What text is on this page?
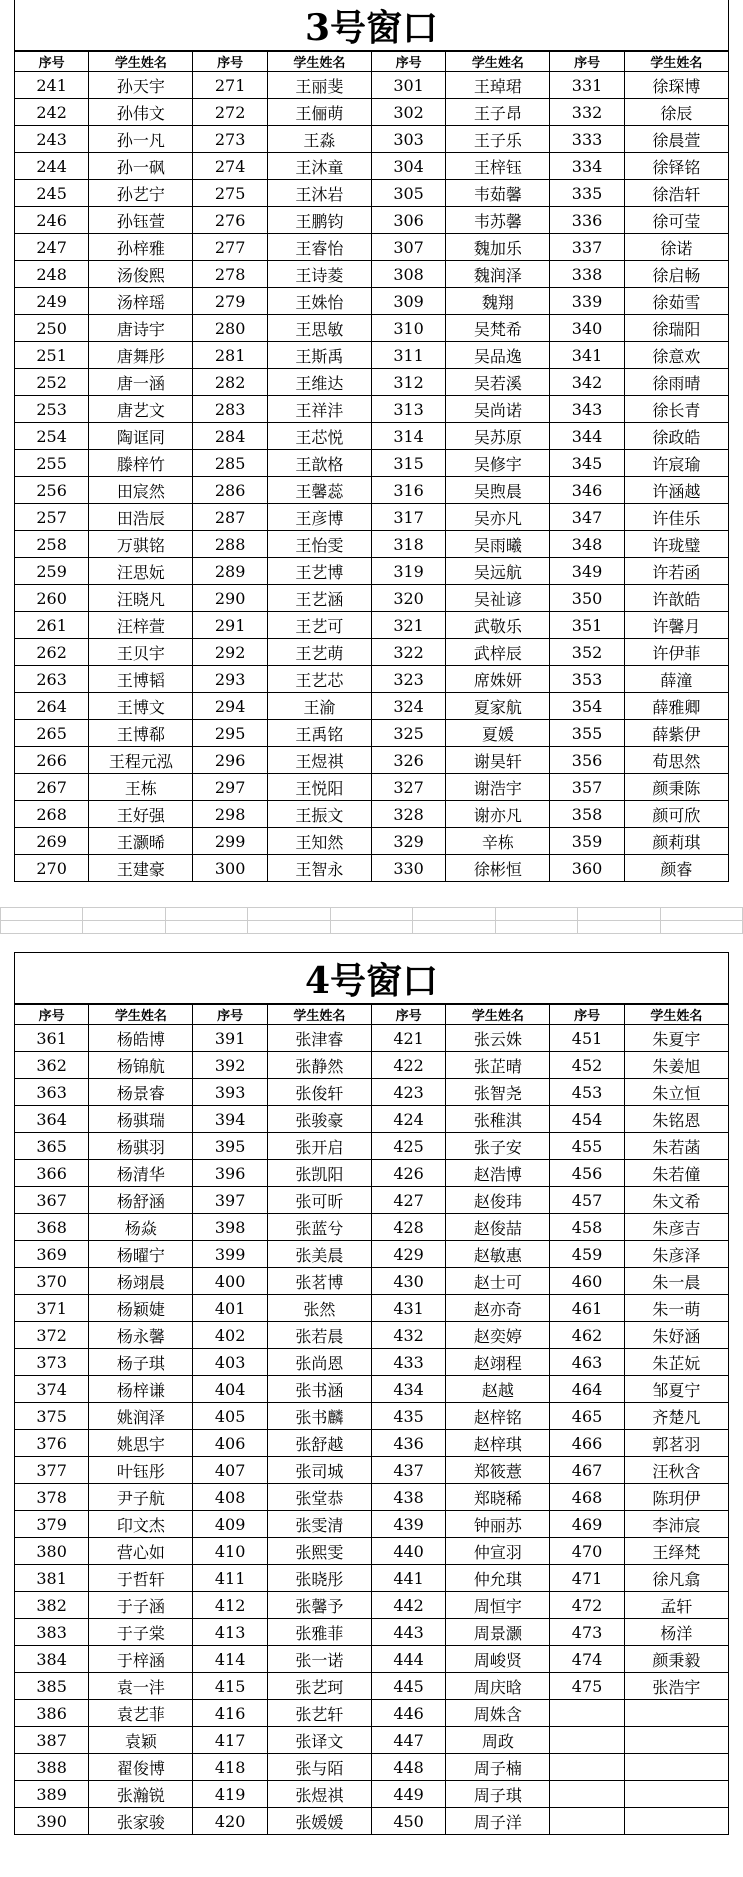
3号窗口
序号	学生姓名	序号	学生姓名	序号	学生姓名	序号	学生姓名
241	孙天宇	271	王丽斐	301	王琸珺	331	徐琛博
242	孙伟文	272	王俪萌	302	王子昂	332	徐辰
243	孙一凡	273	王淼	303	王子乐	333	徐晨萱
244	孙一砜	274	王沐童	304	王梓钰	334	徐铎铭
245	孙艺宁	275	王沐岩	305	韦茹馨	335	徐浩轩
246	孙钰萱	276	王鹏钧	306	韦苏馨	336	徐可莹
247	孙梓雅	277	王睿怡	307	魏加乐	337	徐诺
248	汤俊熙	278	王诗菱	308	魏润泽	338	徐启畅
249	汤梓瑶	279	王姝怡	309	魏翔	339	徐茹雪
250	唐诗宇	280	王思敏	310	吴梵希	340	徐瑞阳
251	唐舞彤	281	王斯禹	311	吴品逸	341	徐意欢
252	唐一涵	282	王维达	312	吴若溪	342	徐雨晴
253	唐艺文	283	王祥沣	313	吴尚诺	343	徐长青
254	陶诓同	284	王芯悦	314	吴苏原	344	徐政皓
255	滕梓竹	285	王歆格	315	吴修宇	345	许宸瑜
256	田宸然	286	王馨蕊	316	吴煦晨	346	许涵越
257	田浩辰	287	王彦博	317	吴亦凡	347	许佳乐
258	万骐铭	288	王怡雯	318	吴雨曦	348	许珑璧
259	汪思妧	289	王艺博	319	吴远航	349	许若函
260	汪晓凡	290	王艺涵	320	吴祉谚	350	许歆皓
261	汪梓萱	291	王艺可	321	武敬乐	351	许馨月
262	王贝宇	292	王艺萌	322	武梓辰	352	许伊菲
263	王博韬	293	王艺芯	323	席姝妍	353	薛潼
264	王博文	294	王渝	324	夏家航	354	薛雅卿
265	王博郗	295	王禹铭	325	夏媛	355	薛紫伊
266	王程元泓	296	王煜祺	326	谢昊轩	356	荀思然
267	王栋	297	王悦阳	327	谢浩宇	357	颜秉陈
268	王好强	298	王振文	328	谢亦凡	358	颜可欣
269	王灏晞	299	王知然	329	辛栋	359	颜莉琪
270	王建豪	300	王智永	330	徐彬恒	360	颜睿

4号窗口
序号	学生姓名	序号	学生姓名	序号	学生姓名	序号	学生姓名
361	杨皓博	391	张津睿	421	张云姝	451	朱夏宇
362	杨锦航	392	张静然	422	张芷晴	452	朱姜旭
363	杨景睿	393	张俊轩	423	张智尧	453	朱立恒
364	杨骐瑞	394	张骏豪	424	张稚淇	454	朱铭恩
365	杨骐羽	395	张开启	425	张子安	455	朱若菡
366	杨清华	396	张凯阳	426	赵浩博	456	朱若僮
367	杨舒涵	397	张可昕	427	赵俊玮	457	朱文希
368	杨焱	398	张蓝兮	428	赵俊喆	458	朱彦吉
369	杨曜宁	399	张美晨	429	赵敏惠	459	朱彦泽
370	杨翊晨	400	张茗博	430	赵士可	460	朱一晨
371	杨颖婕	401	张然	431	赵亦奇	461	朱一萌
372	杨永馨	402	张若晨	432	赵奕婷	462	朱妤涵
373	杨子琪	403	张尚恩	433	赵翊程	463	朱芷妧
374	杨梓谦	404	张书涵	434	赵越	464	邹夏宁
375	姚润泽	405	张书麟	435	赵梓铭	465	齐楚凡
376	姚思宇	406	张舒越	436	赵梓琪	466	郭茗羽
377	叶钰彤	407	张司城	437	郑筱薏	467	汪秋含
378	尹子航	408	张堂恭	438	郑晓稀	468	陈玥伊
379	印文杰	409	张雯清	439	钟丽苏	469	李沛宸
380	营心如	410	张熙雯	440	仲宣羽	470	王绎梵
381	于哲轩	411	张晓彤	441	仲允琪	471	徐凡翕
382	于子涵	412	张馨予	442	周恒宇	472	孟轩
383	于子棠	413	张雅菲	443	周景灏	473	杨洋
384	于梓涵	414	张一诺	444	周峻贤	474	颜秉毅
385	袁一沣	415	张艺珂	445	周庆晗	475	张浩宇
386	袁艺菲	416	张艺轩	446	周姝含		
387	袁颖	417	张译文	447	周政		
388	翟俊博	418	张与陌	448	周子楠		
389	张瀚锐	419	张煜祺	449	周子琪		
390	张家骏	420	张媛媛	450	周子洋		
